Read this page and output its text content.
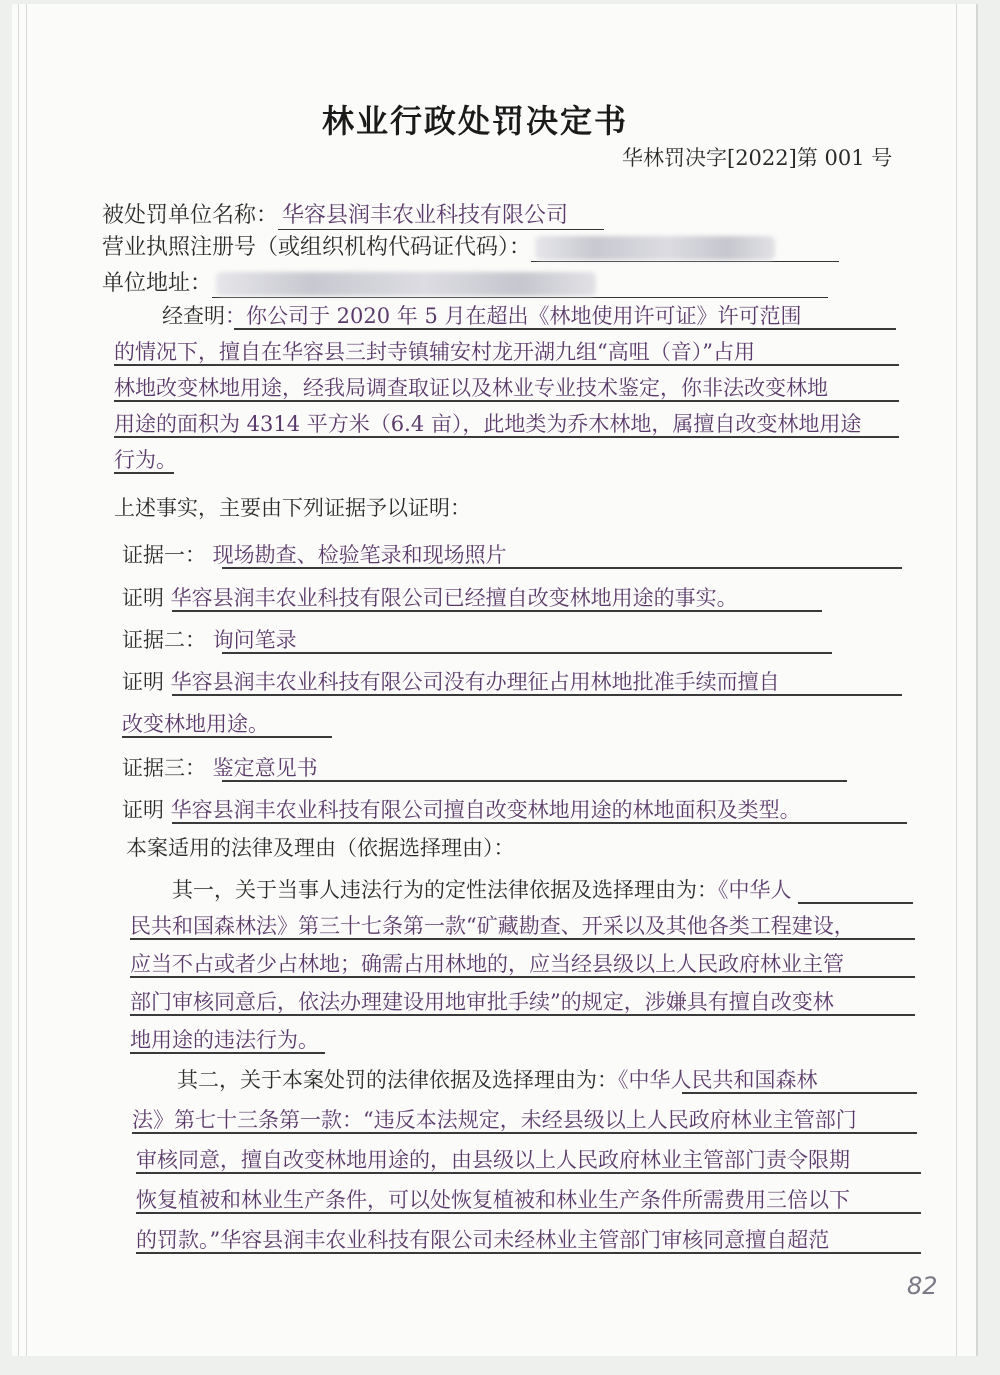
林业行政处罚决定书
华林罚决字[2022]第 001 号
被处罚单位名称： 华容县润丰农业科技有限公司
营业执照注册号（或组织机构代码证代码）：
单位地址：
经查明：你公司于 2020 年 5 月在超出《林地使用许可证》许可范围
的情况下，擅自在华容县三封寺镇辅安村龙开湖九组“高咀（音）”占用
林地改变林地用途，经我局调查取证以及林业专业技术鉴定，你非法改变林地
用途的面积为 4314 平方米（6.4 亩），此地类为乔木林地，属擅自改变林地用途
行为。
上述事实，主要由下列证据予以证明：
证据一： 现场勘查、检验笔录和现场照片
证明 华容县润丰农业科技有限公司已经擅自改变林地用途的事实。
证据二： 询问笔录
证明 华容县润丰农业科技有限公司没有办理征占用林地批准手续而擅自
改变林地用途。
证据三： 鉴定意见书
证明 华容县润丰农业科技有限公司擅自改变林地用途的林地面积及类型。
本案适用的法律及理由（依据选择理由）：
其一，关于当事人违法行为的定性法律依据及选择理由为：《中华人
民共和国森林法》第三十七条第一款“矿藏勘查、开采以及其他各类工程建设，
应当不占或者少占林地；确需占用林地的，应当经县级以上人民政府林业主管
部门审核同意后，依法办理建设用地审批手续”的规定，涉嫌具有擅自改变林
地用途的违法行为。
其二，关于本案处罚的法律依据及选择理由为：《中华人民共和国森林
法》第七十三条第一款：“违反本法规定，未经县级以上人民政府林业主管部门
审核同意，擅自改变林地用途的，由县级以上人民政府林业主管部门责令限期
恢复植被和林业生产条件，可以处恢复植被和林业生产条件所需费用三倍以下
的罚款。”华容县润丰农业科技有限公司未经林业主管部门审核同意擅自超范
82
